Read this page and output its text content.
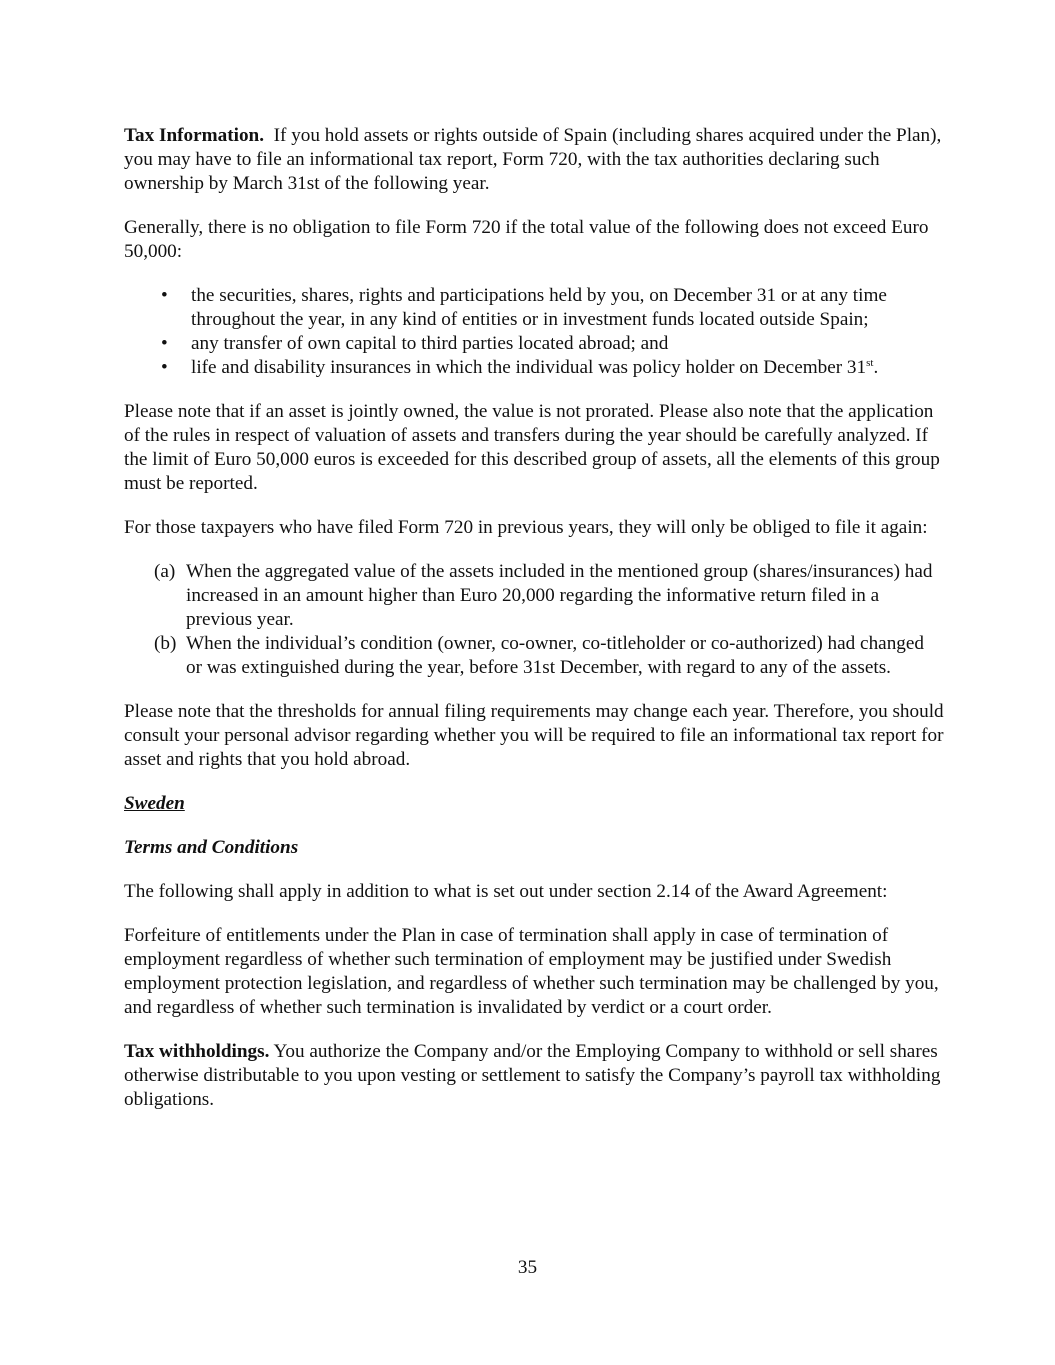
Tax Information. If you hold assets or rights outside of Spain (including shares acquired under the Plan), you may have to file an informational tax report, Form 720, with the tax authorities declaring such ownership by March 31st of the following year.

Generally, there is no obligation to file Form 720 if the total value of the following does not exceed Euro 50,000:

• the securities, shares, rights and participations held by you, on December 31 or at any time throughout the year, in any kind of entities or in investment funds located outside Spain;
• any transfer of own capital to third parties located abroad; and
• life and disability insurances in which the individual was policy holder on December 31st.

Please note that if an asset is jointly owned, the value is not prorated. Please also note that the application of the rules in respect of valuation of assets and transfers during the year should be carefully analyzed. If the limit of Euro 50,000 euros is exceeded for this described group of assets, all the elements of this group must be reported.

For those taxpayers who have filed Form 720 in previous years, they will only be obliged to file it again:

(a) When the aggregated value of the assets included in the mentioned group (shares/insurances) had increased in an amount higher than Euro 20,000 regarding the informative return filed in a previous year.
(b) When the individual’s condition (owner, co-owner, co-titleholder or co-authorized) had changed or was extinguished during the year, before 31st December, with regard to any of the assets.

Please note that the thresholds for annual filing requirements may change each year. Therefore, you should consult your personal advisor regarding whether you will be required to file an informational tax report for asset and rights that you hold abroad.

Sweden

Terms and Conditions

The following shall apply in addition to what is set out under section 2.14 of the Award Agreement:

Forfeiture of entitlements under the Plan in case of termination shall apply in case of termination of employment regardless of whether such termination of employment may be justified under Swedish employment protection legislation, and regardless of whether such termination may be challenged by you, and regardless of whether such termination is invalidated by verdict or a court order.

Tax withholdings. You authorize the Company and/or the Employing Company to withhold or sell shares otherwise distributable to you upon vesting or settlement to satisfy the Company’s payroll tax withholding obligations.

35
